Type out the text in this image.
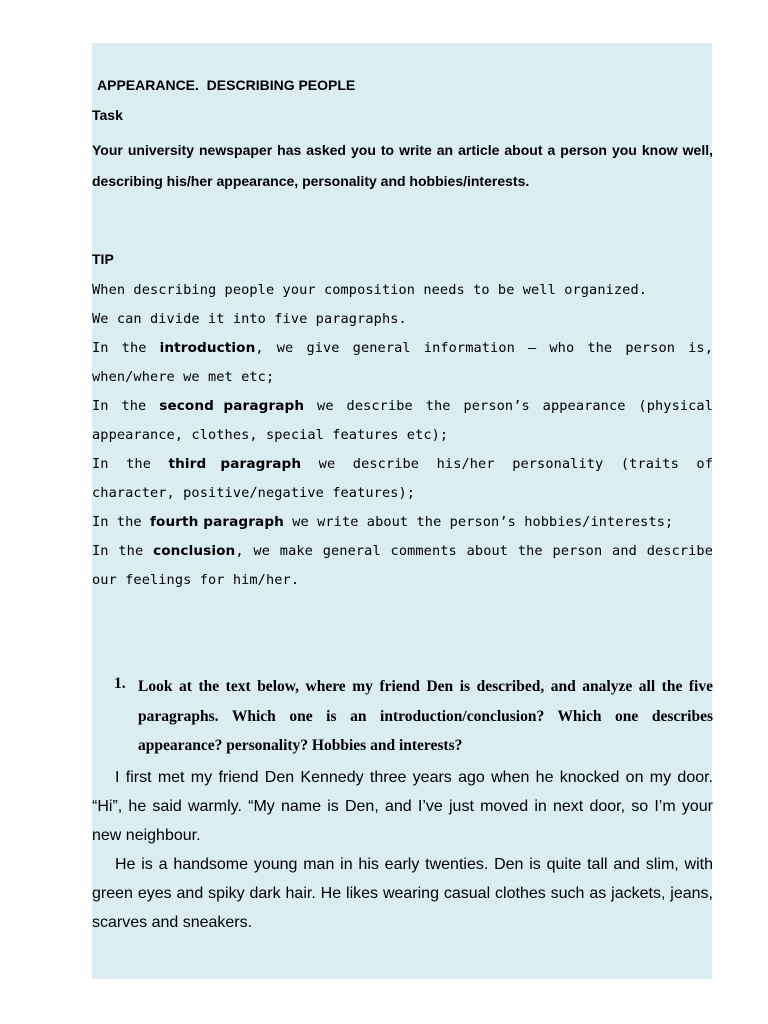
APPEARANCE.  DESCRIBING PEOPLE
Task
Your university newspaper has asked you to write an article about a person you know well, describing his/her appearance, personality and hobbies/interests.
TIP

When describing people your composition needs to be well organized.

We can divide it into five paragraphs.

In the introduction, we give general information – who the person is, when/where we met etc;

In the second paragraph we describe the person’s appearance (physical appearance, clothes, special features etc);

In the third paragraph we describe his/her personality (traits of character, positive/negative features);

In the fourth paragraph we write about the person’s hobbies/interests;

In the conclusion, we make general comments about the person and describe our feelings for him/her.

1. Look at the text below, where my friend Den is described, and analyze all the five paragraphs. Which one is an introduction/conclusion? Which one describes appearance? personality? Hobbies and interests?

I first met my friend Den Kennedy three years ago when he knocked on my door. “Hi”, he said warmly. “My name is Den, and I’ve just moved in next door, so I’m your new neighbour.

He is a handsome young man in his early twenties. Den is quite tall and slim, with green eyes and spiky dark hair. He likes wearing casual clothes such as jackets, jeans, scarves and sneakers.
